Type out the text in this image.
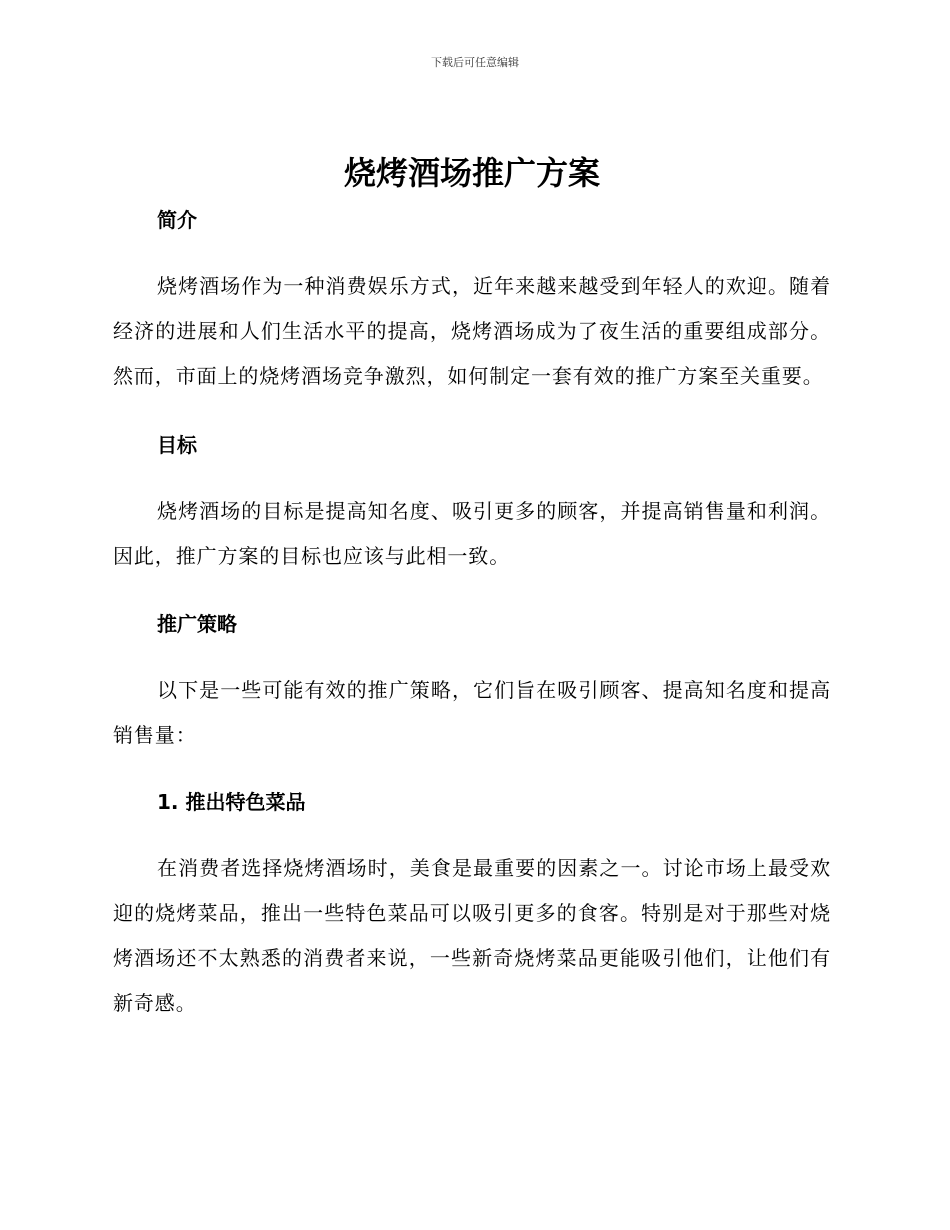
下载后可任意编辑
烧烤酒场推广方案
简介

烧烤酒场作为一种消费娱乐方式，近年来越来越受到年轻人的欢迎。随着经济的进展和人们生活水平的提高，烧烤酒场成为了夜生活的重要组成部分。然而，市面上的烧烤酒场竞争激烈，如何制定一套有效的推广方案至关重要。

目标

烧烤酒场的目标是提高知名度、吸引更多的顾客，并提高销售量和利润。因此，推广方案的目标也应该与此相一致。

推广策略

以下是一些可能有效的推广策略，它们旨在吸引顾客、提高知名度和提高销售量：

1. 推出特色菜品

在消费者选择烧烤酒场时，美食是最重要的因素之一。讨论市场上最受欢迎的烧烤菜品，推出一些特色菜品可以吸引更多的食客。特别是对于那些对烧烤酒场还不太熟悉的消费者来说，一些新奇烧烤菜品更能吸引他们，让他们有新奇感。
